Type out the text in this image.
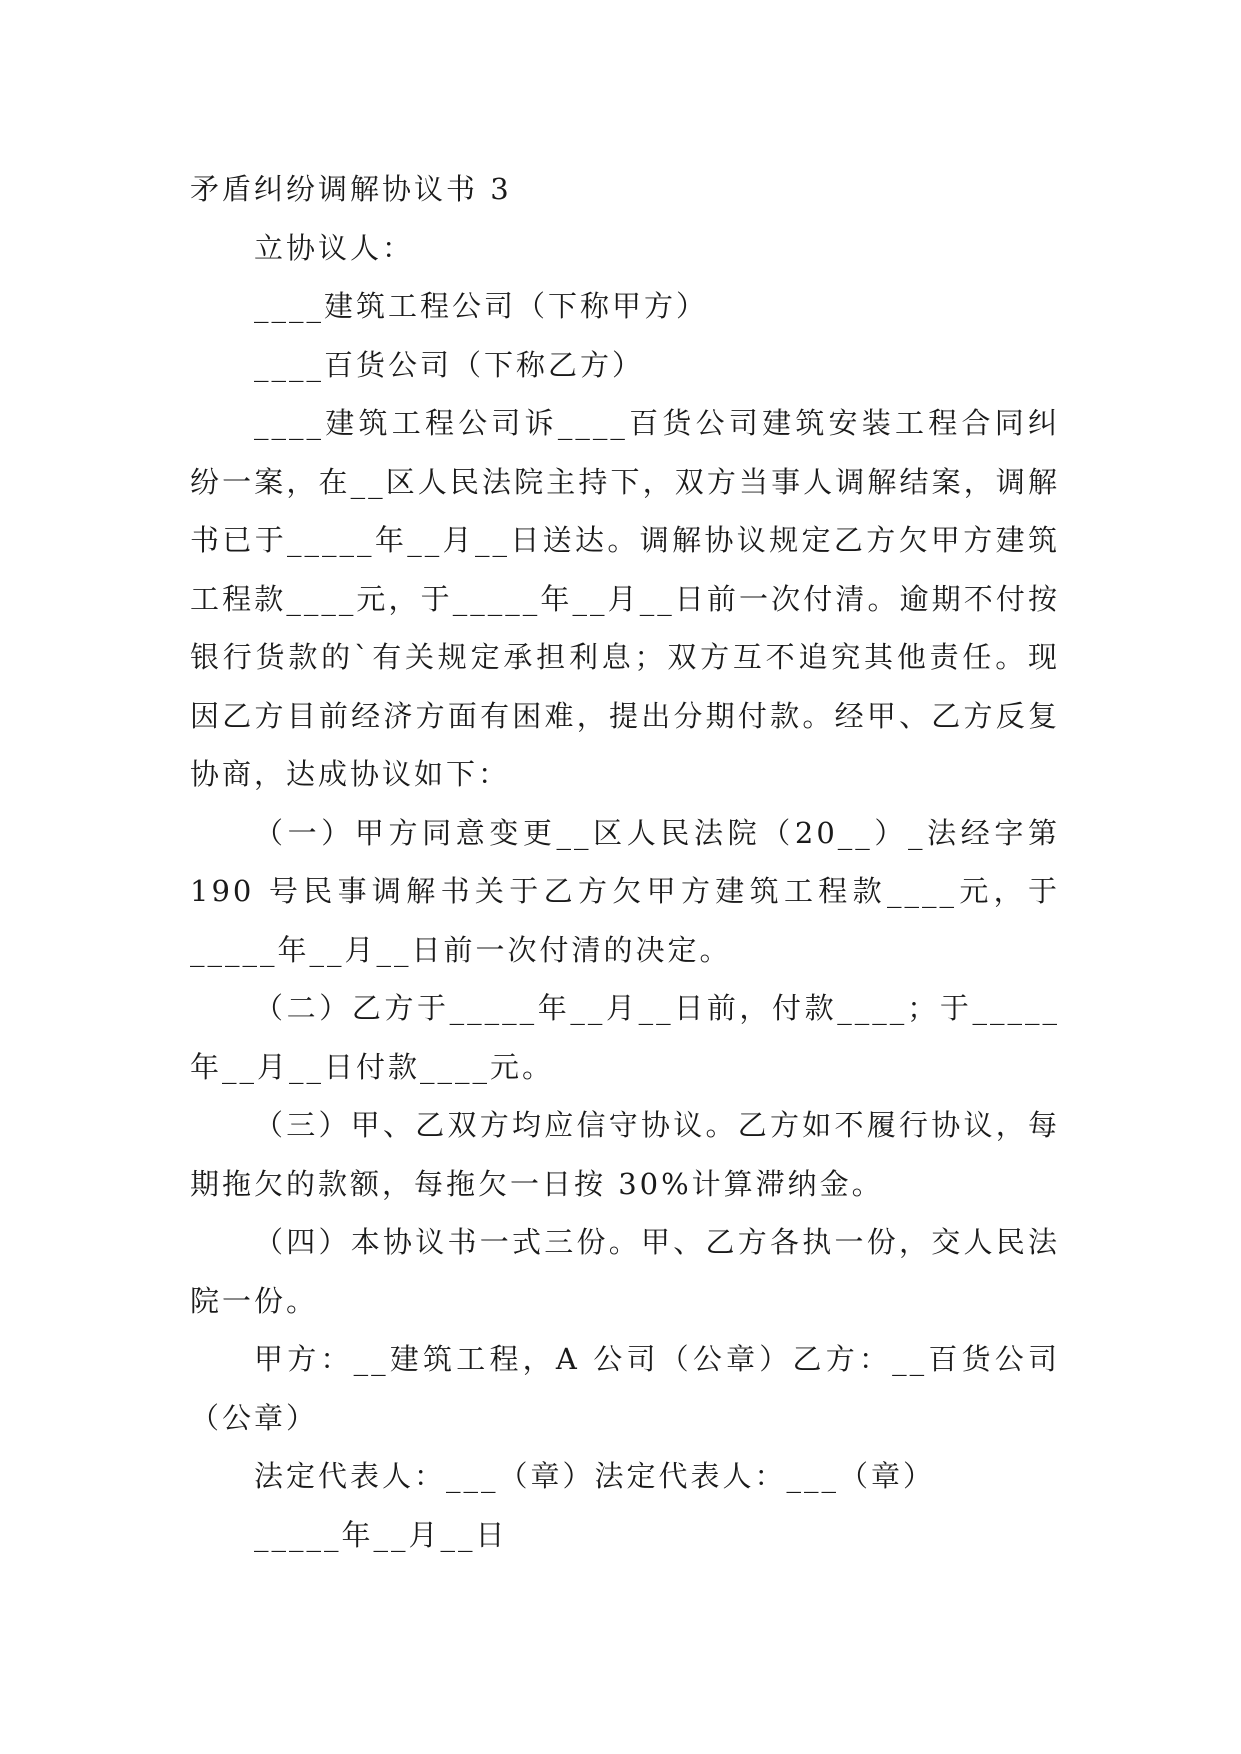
矛盾纠纷调解协议书 3

立协议人：

____建筑工程公司（下称甲方）

____百货公司（下称乙方）

____建筑工程公司诉____百货公司建筑安装工程合同纠纷一案，在__区人民法院主持下，双方当事人调解结案，调解书已于_____年__月__日送达。调解协议规定乙方欠甲方建筑工程款____元，于_____年__月__日前一次付清。逾期不付按银行货款的`有关规定承担利息；双方互不追究其他责任。现因乙方目前经济方面有困难，提出分期付款。经甲、乙方反复协商，达成协议如下：

（一）甲方同意变更__区人民法院（20__）_法经字第 190 号民事调解书关于乙方欠甲方建筑工程款____元，于_____年__月__日前一次付清的决定。

（二）乙方于_____年__月__日前，付款____；于_____年__月__日付款____元。

（三）甲、乙双方均应信守协议。乙方如不履行协议，每期拖欠的款额，每拖欠一日按 30%计算滞纳金。

（四）本协议书一式三份。甲、乙方各执一份，交人民法院一份。

甲方：__建筑工程，A 公司（公章）乙方：__百货公司（公章）

法定代表人：___（章）法定代表人：___（章）

_____年__月__日
